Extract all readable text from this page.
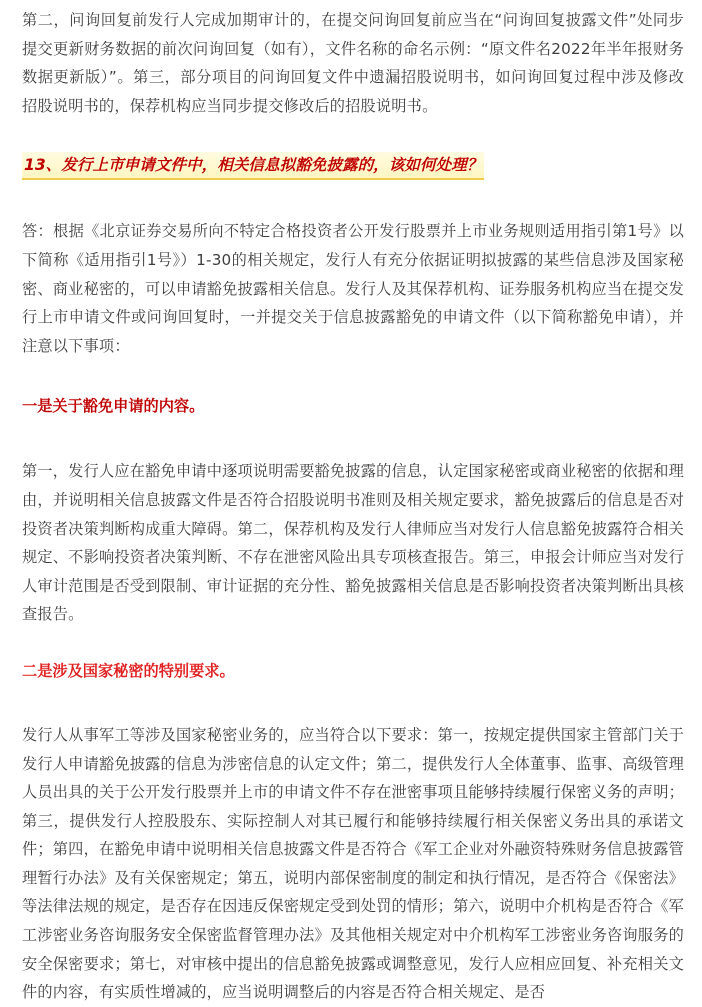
第二，问询回复前发行人完成加期审计的，在提交问询回复前应当在“问询回复披露文件”处同步提交更新财务数据的前次问询回复（如有），文件名称的命名示例：“原文件名2022年半年报财务数据更新版）”。第三，部分项目的问询回复文件中遗漏招股说明书，如问询回复过程中涉及修改招股说明书的，保荐机构应当同步提交修改后的招股说明书。

13、发行上市申请文件中，相关信息拟豁免披露的，该如何处理？

答：根据《北京证券交易所向不特定合格投资者公开发行股票并上市业务规则适用指引第1号》以下简称《适用指引1号》）1-30的相关规定，发行人有充分依据证明拟披露的某些信息涉及国家秘密、商业秘密的，可以申请豁免披露相关信息。发行人及其保荐机构、证券服务机构应当在提交发行上市申请文件或问询回复时，一并提交关于信息披露豁免的申请文件（以下简称豁免申请），并注意以下事项：

一是关于豁免申请的内容。

第一，发行人应在豁免申请中逐项说明需要豁免披露的信息，认定国家秘密或商业秘密的依据和理由，并说明相关信息披露文件是否符合招股说明书准则及相关规定要求，豁免披露后的信息是否对投资者决策判断构成重大障碍。第二，保荐机构及发行人律师应当对发行人信息豁免披露符合相关规定、不影响投资者决策判断、不存在泄密风险出具专项核查报告。第三，申报会计师应当对发行人审计范围是否受到限制、审计证据的充分性、豁免披露相关信息是否影响投资者决策判断出具核查报告。

二是涉及国家秘密的特别要求。

发行人从事军工等涉及国家秘密业务的，应当符合以下要求：第一，按规定提供国家主管部门关于发行人申请豁免披露的信息为涉密信息的认定文件；第二，提供发行人全体董事、监事、高级管理人员出具的关于公开发行股票并上市的申请文件不存在泄密事项且能够持续履行保密义务的声明；第三，提供发行人控股股东、实际控制人对其已履行和能够持续履行相关保密义务出具的承诺文件；第四，在豁免申请中说明相关信息披露文件是否符合《军工企业对外融资特殊财务信息披露管理暂行办法》及有关保密规定；第五，说明内部保密制度的制定和执行情况，是否符合《保密法》等法律法规的规定，是否存在因违反保密规定受到处罚的情形；第六，说明中介机构是否符合《军工涉密业务咨询服务安全保密监督管理办法》及其他相关规定对中介机构军工涉密业务咨询服务的安全保密要求；第七，对审核中提出的信息豁免披露或调整意见，发行人应相应回复、补充相关文件的内容，有实质性增减的，应当说明调整后的内容是否符合相关规定、是否
